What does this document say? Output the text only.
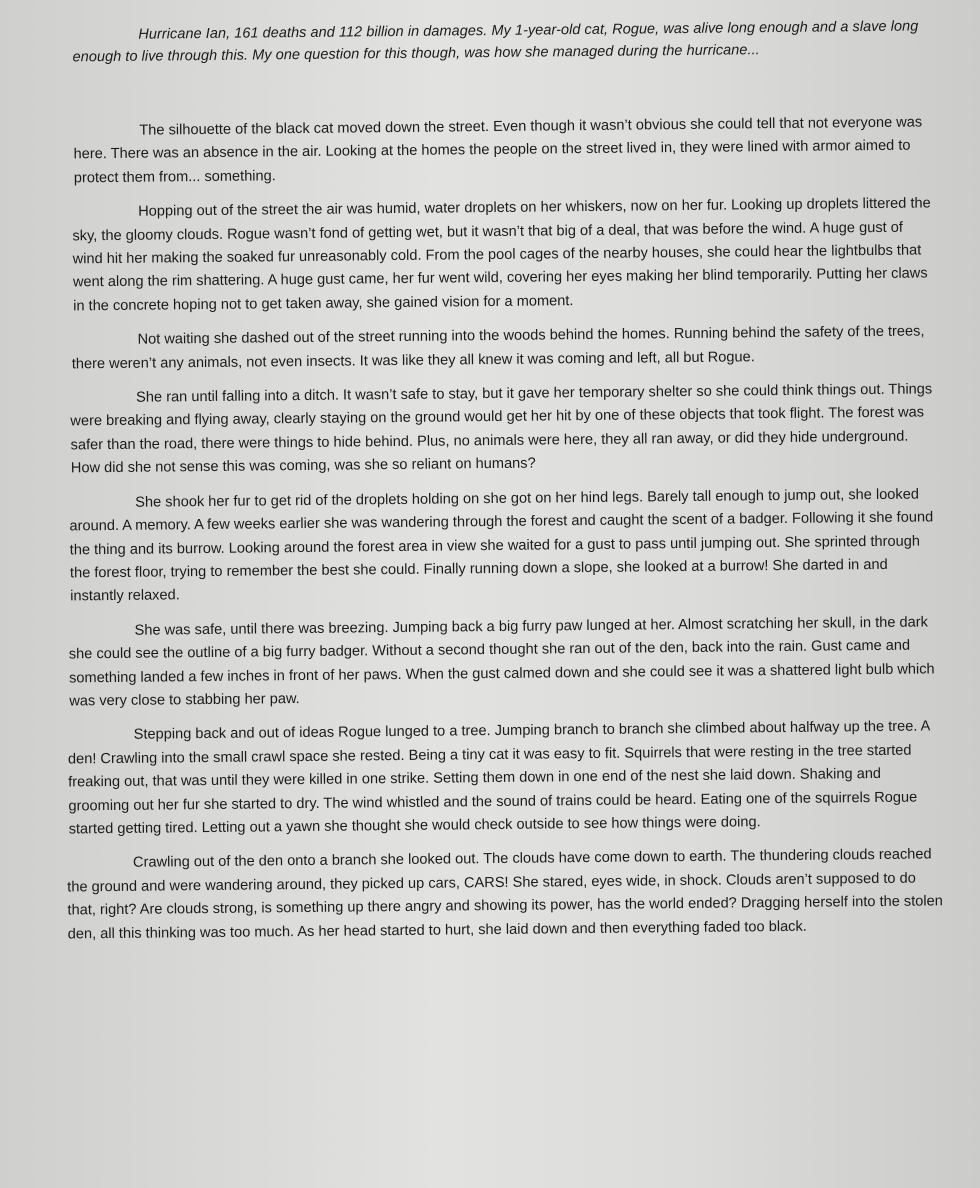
Hurricane Ian, 161 deaths and 112 billion in damages. My 1-year-old cat, Rogue, was alive long enough and a slave long enough to live through this. My one question for this though, was how she managed during the hurricane...

The silhouette of the black cat moved down the street. Even though it wasn’t obvious she could tell that not everyone was here. There was an absence in the air. Looking at the homes the people on the street lived in, they were lined with armor aimed to protect them from... something.

Hopping out of the street the air was humid, water droplets on her whiskers, now on her fur. Looking up droplets littered the sky, the gloomy clouds. Rogue wasn’t fond of getting wet, but it wasn’t that big of a deal, that was before the wind. A huge gust of wind hit her making the soaked fur unreasonably cold. From the pool cages of the nearby houses, she could hear the lightbulbs that went along the rim shattering. A huge gust came, her fur went wild, covering her eyes making her blind temporarily. Putting her claws in the concrete hoping not to get taken away, she gained vision for a moment.

Not waiting she dashed out of the street running into the woods behind the homes. Running behind the safety of the trees, there weren’t any animals, not even insects. It was like they all knew it was coming and left, all but Rogue.

She ran until falling into a ditch. It wasn’t safe to stay, but it gave her temporary shelter so she could think things out. Things were breaking and flying away, clearly staying on the ground would get her hit by one of these objects that took flight. The forest was safer than the road, there were things to hide behind. Plus, no animals were here, they all ran away, or did they hide underground. How did she not sense this was coming, was she so reliant on humans?

She shook her fur to get rid of the droplets holding on she got on her hind legs. Barely tall enough to jump out, she looked around. A memory. A few weeks earlier she was wandering through the forest and caught the scent of a badger. Following it she found the thing and its burrow. Looking around the forest area in view she waited for a gust to pass until jumping out. She sprinted through the forest floor, trying to remember the best she could. Finally running down a slope, she looked at a burrow! She darted in and instantly relaxed.

She was safe, until there was breezing. Jumping back a big furry paw lunged at her. Almost scratching her skull, in the dark she could see the outline of a big furry badger. Without a second thought she ran out of the den, back into the rain. Gust came and something landed a few inches in front of her paws. When the gust calmed down and she could see it was a shattered light bulb which was very close to stabbing her paw.

Stepping back and out of ideas Rogue lunged to a tree. Jumping branch to branch she climbed about halfway up the tree. A den! Crawling into the small crawl space she rested. Being a tiny cat it was easy to fit. Squirrels that were resting in the tree started freaking out, that was until they were killed in one strike. Setting them down in one end of the nest she laid down. Shaking and grooming out her fur she started to dry. The wind whistled and the sound of trains could be heard. Eating one of the squirrels Rogue started getting tired. Letting out a yawn she thought she would check outside to see how things were doing.

Crawling out of the den onto a branch she looked out. The clouds have come down to earth. The thundering clouds reached the ground and were wandering around, they picked up cars, CARS! She stared, eyes wide, in shock. Clouds aren’t supposed to do that, right? Are clouds strong, is something up there angry and showing its power, has the world ended? Dragging herself into the stolen den, all this thinking was too much. As her head started to hurt, she laid down and then everything faded too black.
